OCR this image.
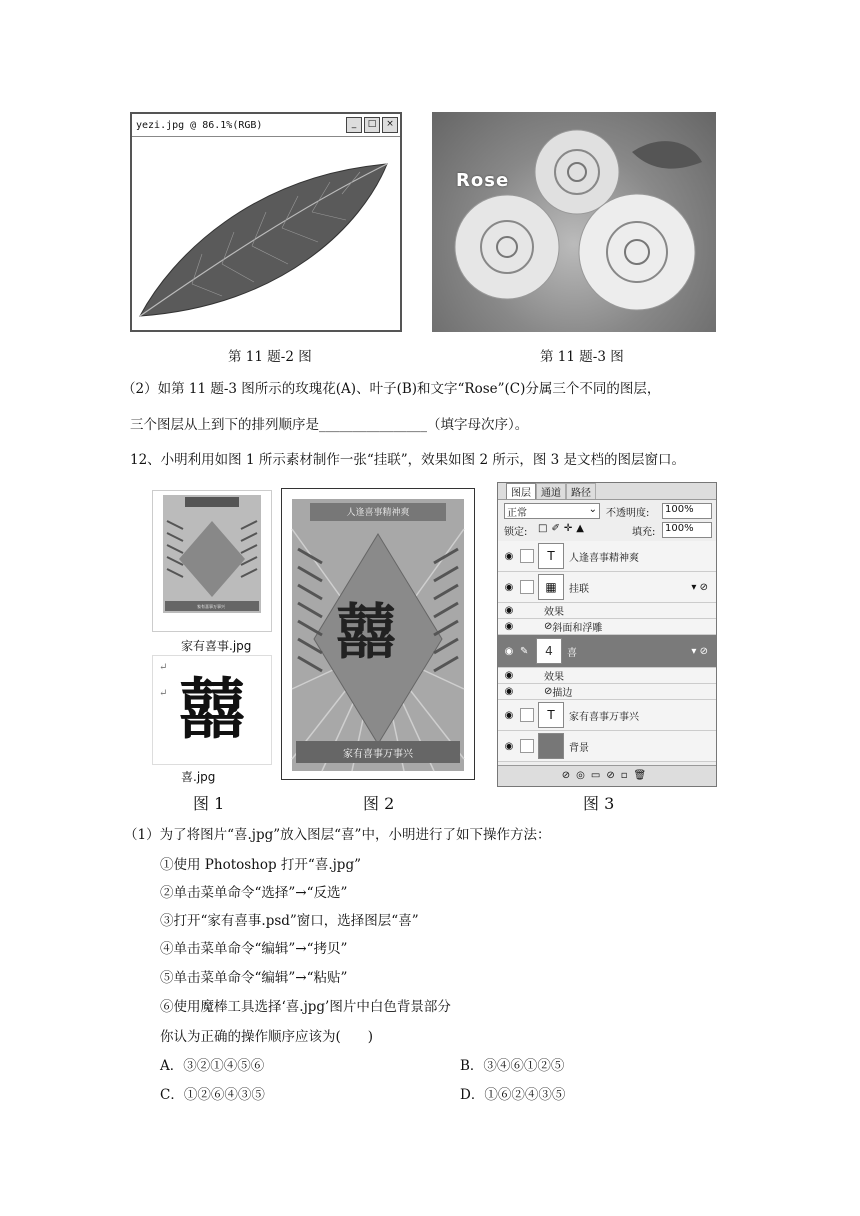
yezi.jpg @ 86.1%(RGB)	_	□	×
Rose
第 11 题-2 图	第 11 题-3 图
（2）如第 11 题-3 图所示的玫瑰花(A)、叶子(B)和文字“Rose”(C)分属三个不同的图层，
三个图层从上到下的排列顺序是________________（填字母次序）。
12、小明利用如图 1 所示素材制作一张“挂联”，效果如图 2 所示，图 3 是文档的图层窗口。
家有喜事万事兴
家有喜事.jpg
↵
↵ 囍
喜.jpg
人逢喜事精神爽
囍
家有喜事万事兴
图层	通道	路径
正常	⌄ 不透明度:	100%
锁定: □✐✛▲	填充: 100%
◉	T	人逢喜事精神爽
◉	▦	挂联	▾ ⊘
◉	效果
◉	⊘ 斜面和浮雕
◉ ✎	4	喜	▾ ⊘
◉	效果
◉	⊘ 描边
◉	T	家有喜事万事兴
◉	背景
⊘◎▭⊘▫🗑
图 1	图 2	图 3
（1）为了将图片“喜.jpg”放入图层“喜”中，小明进行了如下操作方法：
①使用 Photoshop 打开“喜.jpg”
②单击菜单命令“选择”→“反选”
③打开“家有喜事.psd”窗口，选择图层“喜”
④单击菜单命令“编辑”→“拷贝”
⑤单击菜单命令“编辑”→“粘贴”
⑥使用魔棒工具选择‘喜.jpg’图片中白色背景部分
你认为正确的操作顺序应该为(　　)
A．③②①④⑤⑥	B．③④⑥①②⑤
C．①②⑥④③⑤	D．①⑥②④③⑤
